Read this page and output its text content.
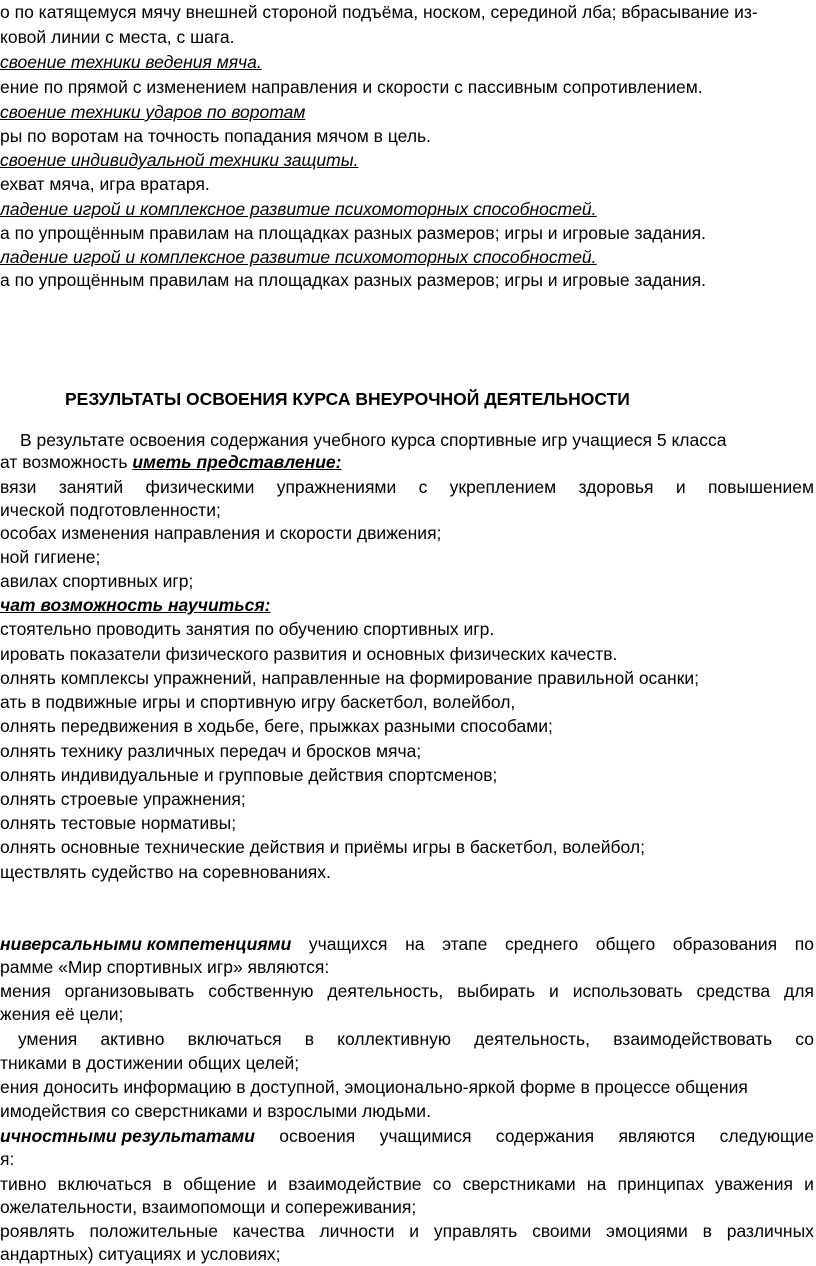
о по катящемуся мячу внешней стороной подъёма, носком, серединой лба; вбрасывание из-
ковой линии с места, с шага.
своение техники ведения мяча.
ение по прямой с изменением направления и скорости с пассивным сопротивлением.
своение техники ударов по воротам
ры по воротам на точность попадания мячом в цель.
своение индивидуальной техники защиты.
ехват мяча, игра вратаря.
ладение игрой и комплексное развитие психомоторных способностей.
а по упрощённым правилам на площадках разных размеров; игры и игровые задания.
ладение игрой и комплексное развитие психомоторных способностей.
а по упрощённым правилам на площадках разных размеров; игры и игровые задания.
РЕЗУЛЬТАТЫ ОСВОЕНИЯ КУРСА ВНЕУРОЧНОЙ ДЕЯТЕЛЬНОСТИ
В результате освоения содержания учебного курса спортивные игр учащиеся 5 класса
ат возможность иметь представление:
вязи занятий физическими упражнениями с укреплением здоровья и повышением
ической подготовленности;
особах изменения направления и скорости движения;
ной гигиене;
авилах спортивных игр;
чат возможность научиться:
стоятельно проводить занятия по обучению спортивных игр.
ировать показатели физического развития и основных физических качеств.
олнять комплексы упражнений, направленные на формирование правильной осанки;
ать в подвижные игры и спортивную игру баскетбол, волейбол,
олнять передвижения в ходьбе, беге, прыжках разными способами;
олнять технику различных передач и бросков мяча;
олнять индивидуальные и групповые действия спортсменов;
олнять строевые упражнения;
олнять тестовые нормативы;
олнять основные технические действия и приёмы игры в баскетбол, волейбол;
ществлять судейство на соревнованиях.
ниверсальными компетенциями учащихся на этапе среднего общего образования по
рамме «Мир спортивных игр» являются:
мения организовывать собственную деятельность, выбирать и использовать средства для
жения её цели;
умения активно включаться в коллективную деятельность, взаимодействовать со
тниками в достижении общих целей;
ения доносить информацию в доступной, эмоционально-яркой форме в процессе общения
имодействия со сверстниками и взрослыми людьми.
ичностными результатами освоения учащимися содержания являются следующие
я:
тивно включаться в общение и взаимодействие со сверстниками на принципах уважения и
ожелательности, взаимопомощи и сопереживания;
роявлять положительные качества личности и управлять своими эмоциями в различных
андартных) ситуациях и условиях;
